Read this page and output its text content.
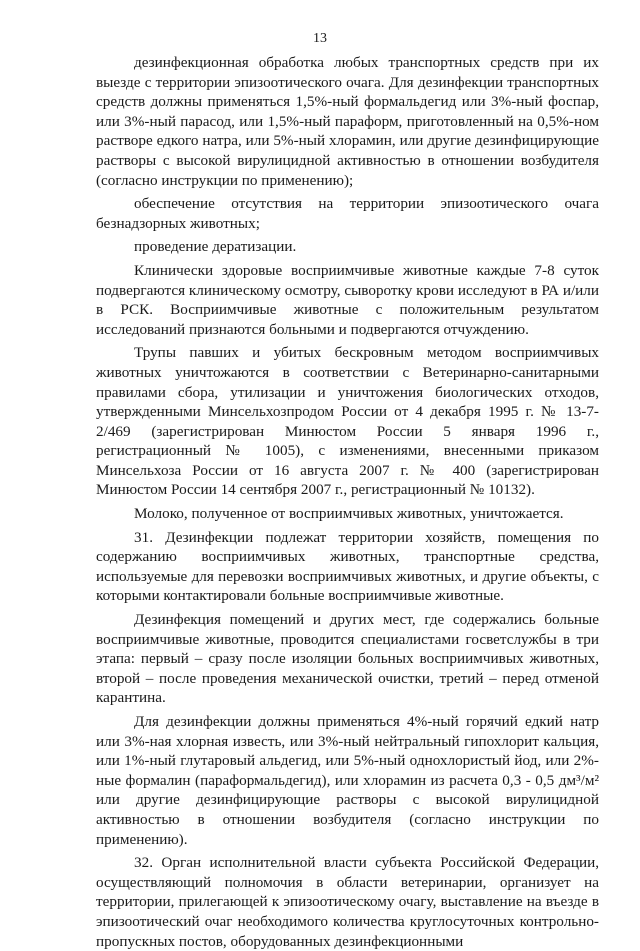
13

дезинфекционная обработка любых транспортных средств при их выезде с территории эпизоотического очага. Для дезинфекции транспортных средств должны применяться 1,5%-ный формальдегид или 3%-ный фоспар, или 3%-ный парасод, или 1,5%-ный параформ, приготовленный на 0,5%-ном растворе едкого натра, или 5%-ный хлорамин, или другие дезинфицирующие растворы с высокой вирулицидной активностью в отношении возбудителя (согласно инструкции по применению);

обеспечение отсутствия на территории эпизоотического очага безнадзорных животных;

проведение дератизации.

Клинически здоровые восприимчивые животные каждые 7-8 суток подвергаются клиническому осмотру, сыворотку крови исследуют в РА и/или в РСК. Восприимчивые животные с положительным результатом исследований признаются больными и подвергаются отчуждению.

Трупы павших и убитых бескровным методом восприимчивых животных уничтожаются в соответствии с Ветеринарно-санитарными правилами сбора, утилизации и уничтожения биологических отходов, утвержденными Минсельхозпродом России от 4 декабря 1995 г. № 13-7-2/469 (зарегистрирован Минюстом России 5 января 1996 г., регистрационный № 1005), с изменениями, внесенными приказом Минсельхоза России от 16 августа 2007 г. № 400 (зарегистрирован Минюстом России 14 сентября 2007 г., регистрационный № 10132).

Молоко, полученное от восприимчивых животных, уничтожается.

31. Дезинфекции подлежат территории хозяйств, помещения по содержанию восприимчивых животных, транспортные средства, используемые для перевозки восприимчивых животных, и другие объекты, с которыми контактировали больные восприимчивые животные.

Дезинфекция помещений и других мест, где содержались больные восприимчивые животные, проводится специалистами госветслужбы в три этапа: первый – сразу после изоляции больных восприимчивых животных, второй – после проведения механической очистки, третий – перед отменой карантина.

Для дезинфекции должны применяться 4%-ный горячий едкий натр или 3%-ная хлорная известь, или 3%-ный нейтральный гипохлорит кальция, или 1%-ный глутаровый альдегид, или 5%-ный однохлористый йод, или 2%-ные формалин (параформальдегид), или хлорамин из расчета 0,3 - 0,5 дм³/м² или другие дезинфицирующие растворы с высокой вирулицидной активностью в отношении возбудителя (согласно инструкции по применению).

32. Орган исполнительной власти субъекта Российской Федерации, осуществляющий полномочия в области ветеринарии, организует на территории, прилегающей к эпизоотическому очагу, выставление на въезде в эпизоотический очаг необходимого количества круглосуточных контрольно-пропускных постов, оборудованных дезинфекционными
